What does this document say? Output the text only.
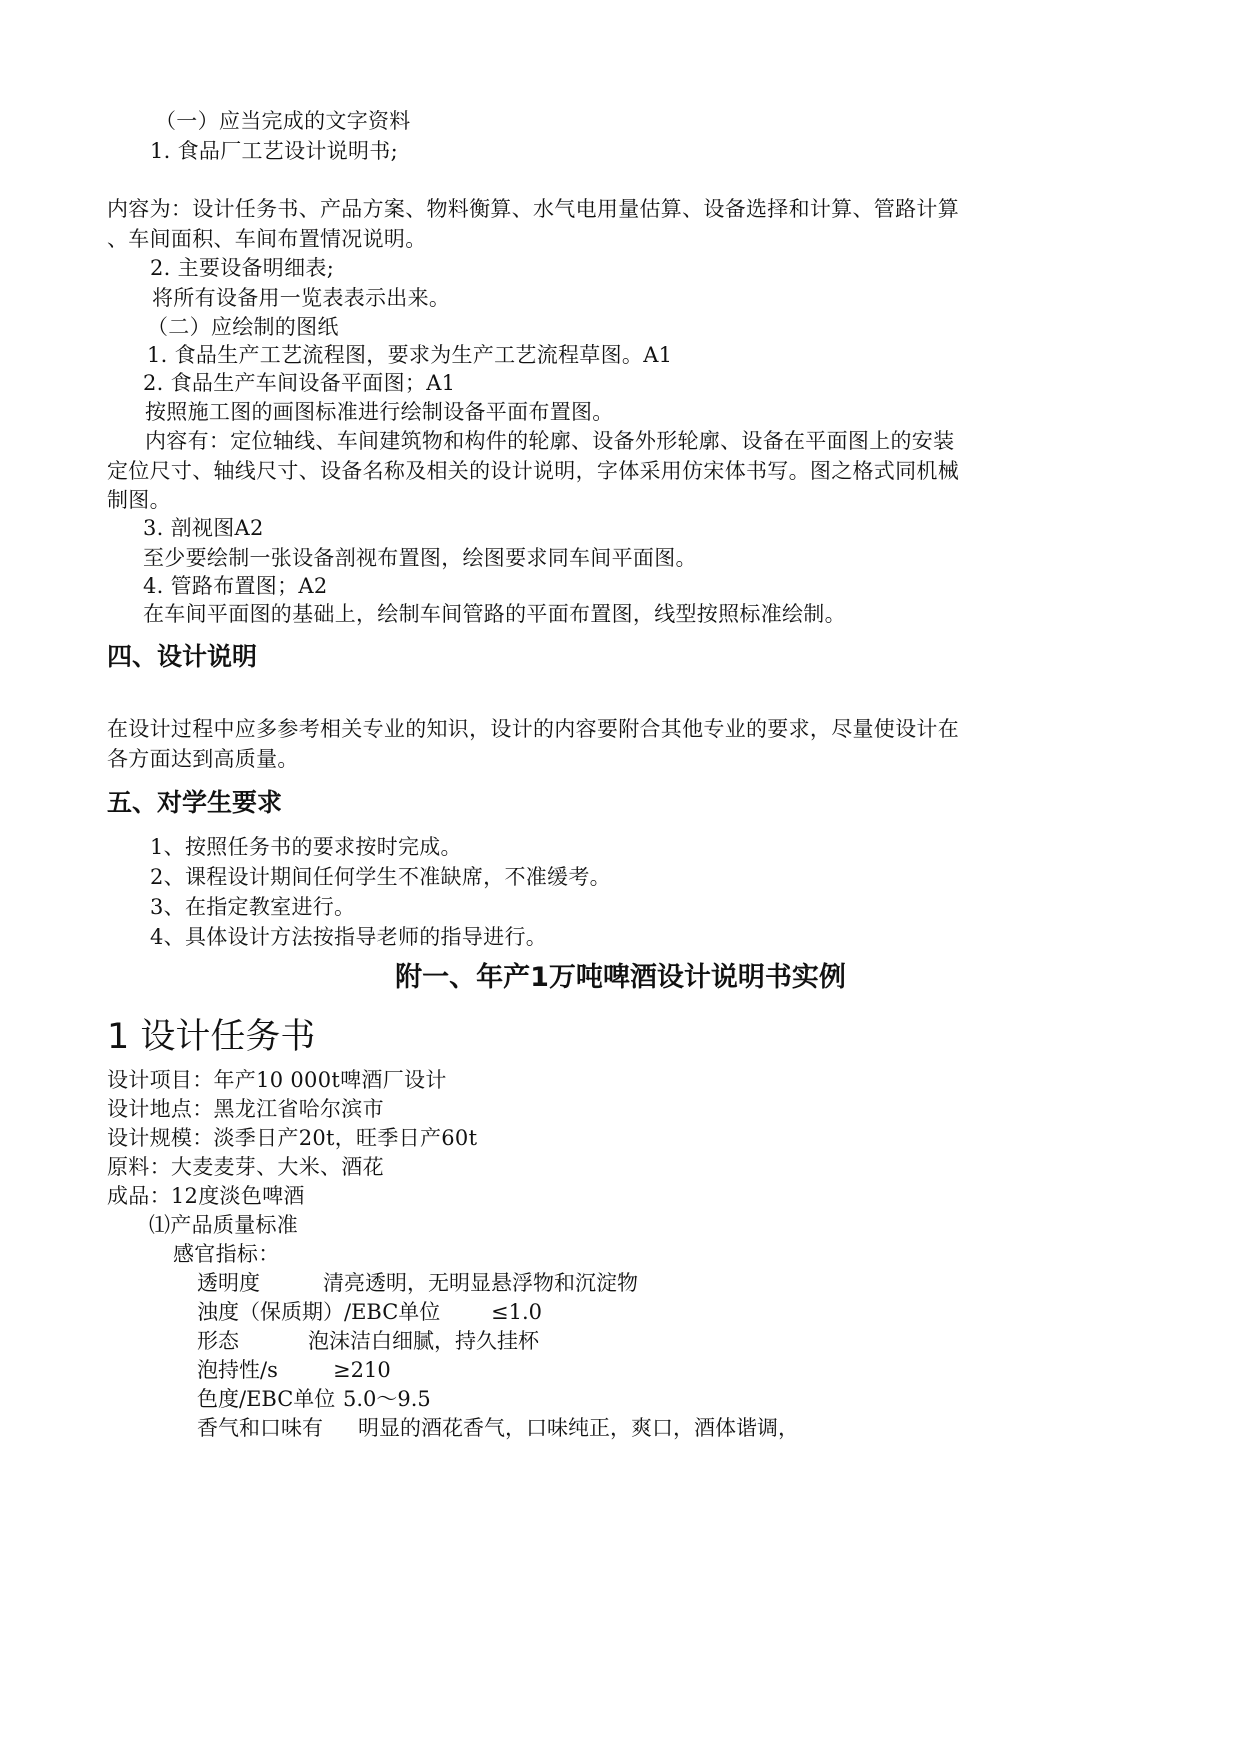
（一）应当完成的文字资料
1. 食品厂工艺设计说明书;
内容为：设计任务书、产品方案、物料衡算、水气电用量估算、设备选择和计算、管路计算
、车间面积、车间布置情况说明。
2. 主要设备明细表;
将所有设备用一览表表示出来。
（二）应绘制的图纸
1. 食品生产工艺流程图，要求为生产工艺流程草图。A1
2. 食品生产车间设备平面图；A1
按照施工图的画图标准进行绘制设备平面布置图。
内容有：定位轴线、车间建筑物和构件的轮廓、设备外形轮廓、设备在平面图上的安装
定位尺寸、轴线尺寸、设备名称及相关的设计说明，字体采用仿宋体书写。图之格式同机械
制图。
3. 剖视图A2
至少要绘制一张设备剖视布置图，绘图要求同车间平面图。
4. 管路布置图；A2
在车间平面图的基础上，绘制车间管路的平面布置图，线型按照标准绘制。
四、设计说明
在设计过程中应多参考相关专业的知识，设计的内容要附合其他专业的要求，尽量使设计在
各方面达到高质量。
五、对学生要求
1、按照任务书的要求按时完成。
2、课程设计期间任何学生不准缺席，不准缓考。
3、在指定教室进行。
4、具体设计方法按指导老师的指导进行。
附一、年产1万吨啤酒设计说明书实例
1 设计任务书
设计项目：年产10 000t啤酒厂设计
设计地点：黑龙江省哈尔滨市
设计规模：淡季日产20t，旺季日产60t
原料：大麦麦芽、大米、酒花
成品：12度淡色啤酒
⑴产品质量标准
感官指标：
透明度	清亮透明，无明显悬浮物和沉淀物
浊度（保质期）/EBC单位 ≤1.0
形态	泡沫洁白细腻，持久挂杯
泡持性/s	≥210
色度/EBC单位 5.0～9.5
香气和口味有 明显的酒花香气，口味纯正，爽口，酒体谐调，
